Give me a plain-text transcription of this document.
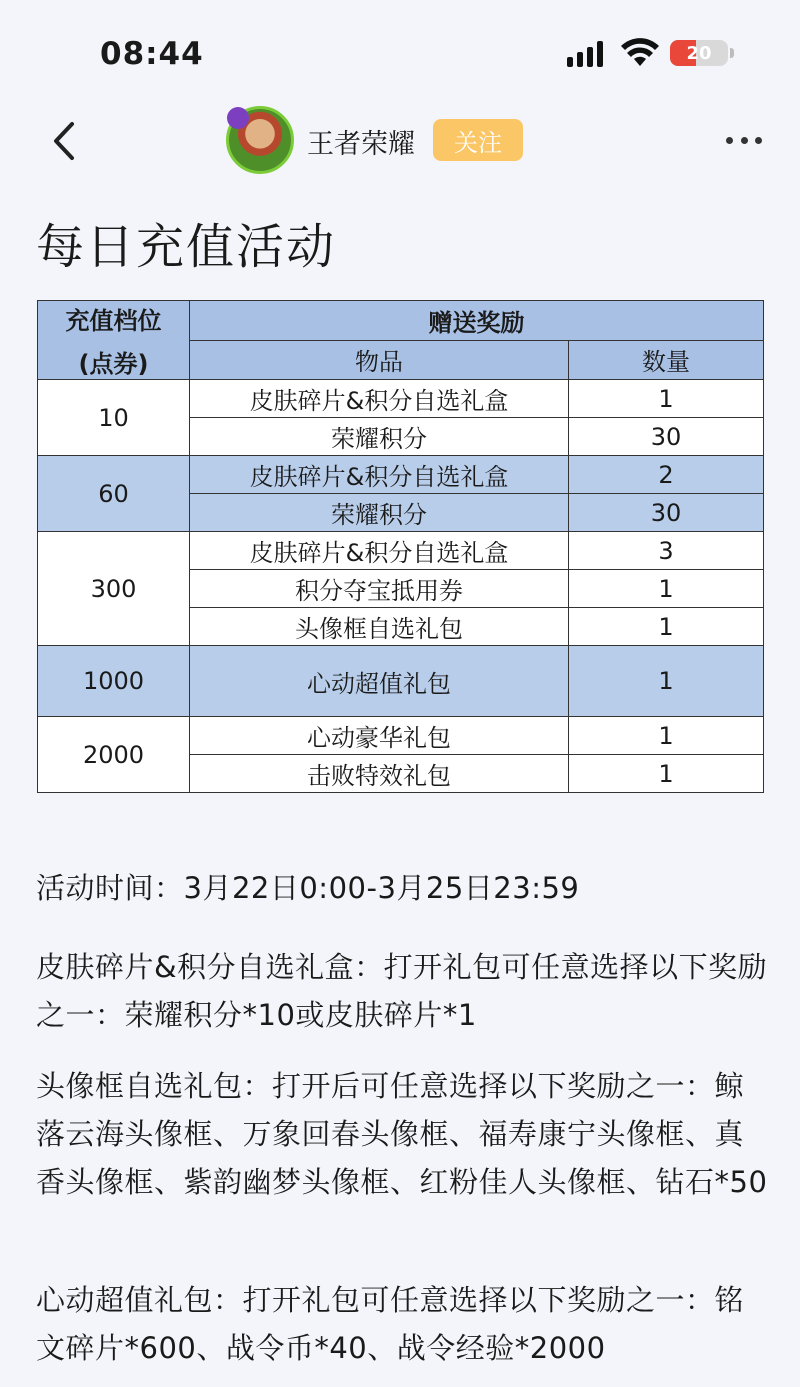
08:44	20
王者荣耀	关注
每日充值活动
充值档位
(点券)	赠送奖励	
	物品	数量
10	皮肤碎片&积分自选礼盒	1
	荣耀积分	30
60	皮肤碎片&积分自选礼盒	2
	荣耀积分	30
300	皮肤碎片&积分自选礼盒	3
	积分夺宝抵用券	1
	头像框自选礼包	1
1000	心动超值礼包	1
2000	心动豪华礼包	1
	击败特效礼包	1
活动时间：3月22日0:00-3月25日23:59
皮肤碎片&积分自选礼盒：打开礼包可任意选择以下奖励之一：荣耀积分*10或皮肤碎片*1
头像框自选礼包：打开后可任意选择以下奖励之一：鲸落云海头像框、万象回春头像框、福寿康宁头像框、真香头像框、紫韵幽梦头像框、红粉佳人头像框、钻石*50
心动超值礼包：打开礼包可任意选择以下奖励之一：铭文碎片*600、战令币*40、战令经验*2000
